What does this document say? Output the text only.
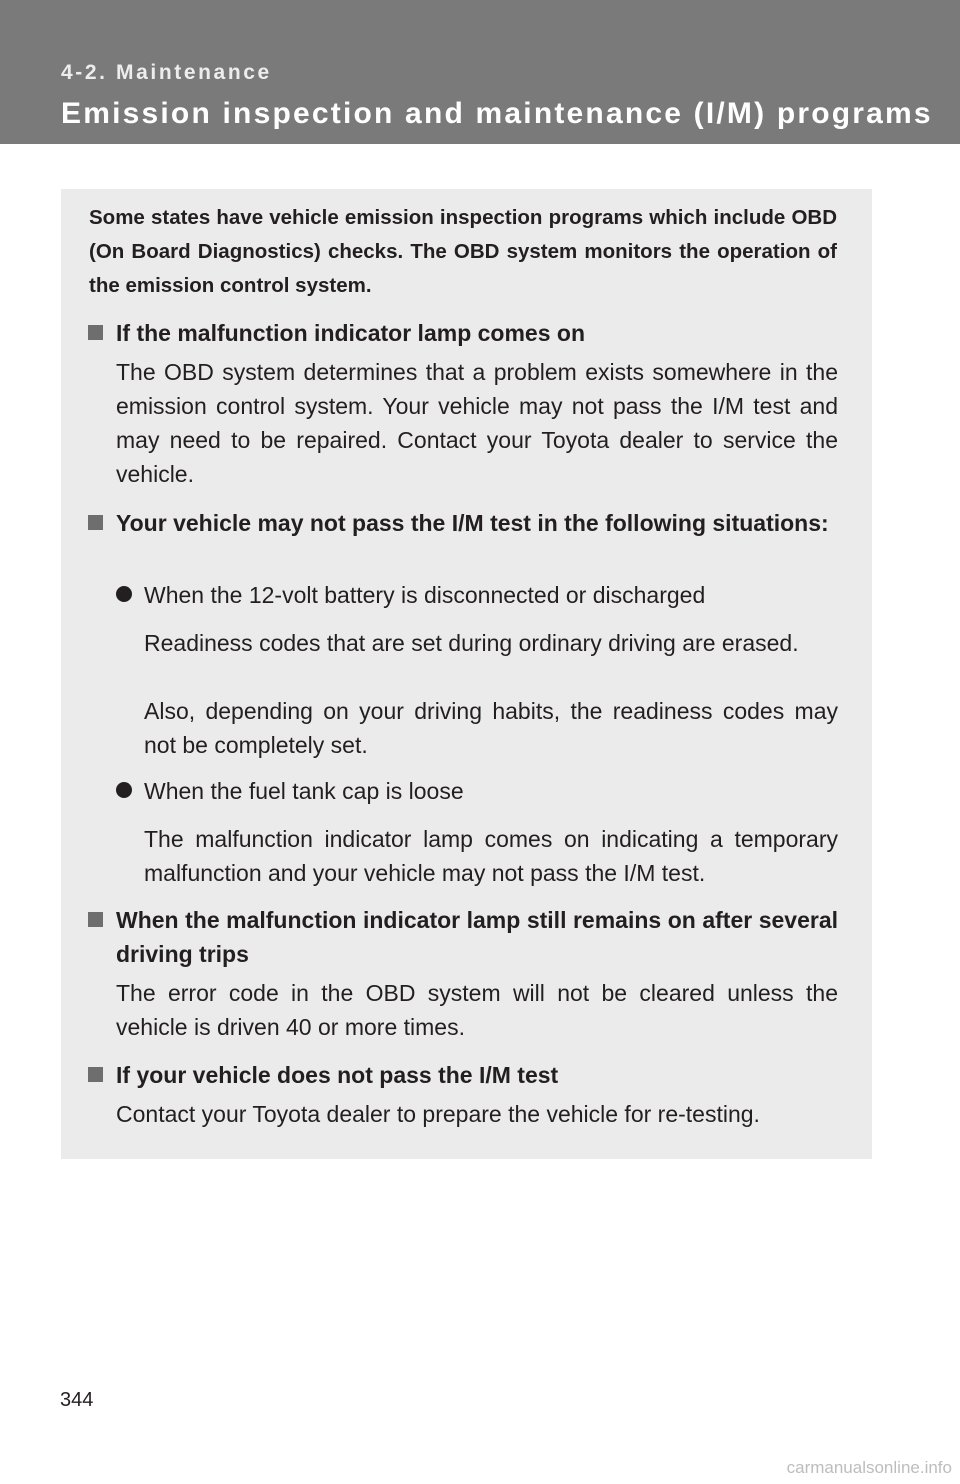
4-2. Maintenance
Emission inspection and maintenance (I/M) programs

Some states have vehicle emission inspection programs which include OBD (On Board Diagnostics) checks. The OBD system monitors the operation of the emission control system.

If the malfunction indicator lamp comes on

The OBD system determines that a problem exists somewhere in the emission control system. Your vehicle may not pass the I/M test and may need to be repaired. Contact your Toyota dealer to service the vehicle.

Your vehicle may not pass the I/M test in the following situations:
When the 12-volt battery is disconnected or discharged

Readiness codes that are set during ordinary driving are erased.

Also, depending on your driving habits, the readiness codes may not be completely set.

When the fuel tank cap is loose

The malfunction indicator lamp comes on indicating a temporary malfunction and your vehicle may not pass the I/M test.

When the malfunction indicator lamp still remains on after several driving trips

The error code in the OBD system will not be cleared unless the vehicle is driven 40 or more times.

If your vehicle does not pass the I/M test

Contact your Toyota dealer to prepare the vehicle for re-testing.

344
carmanualsonline.info
